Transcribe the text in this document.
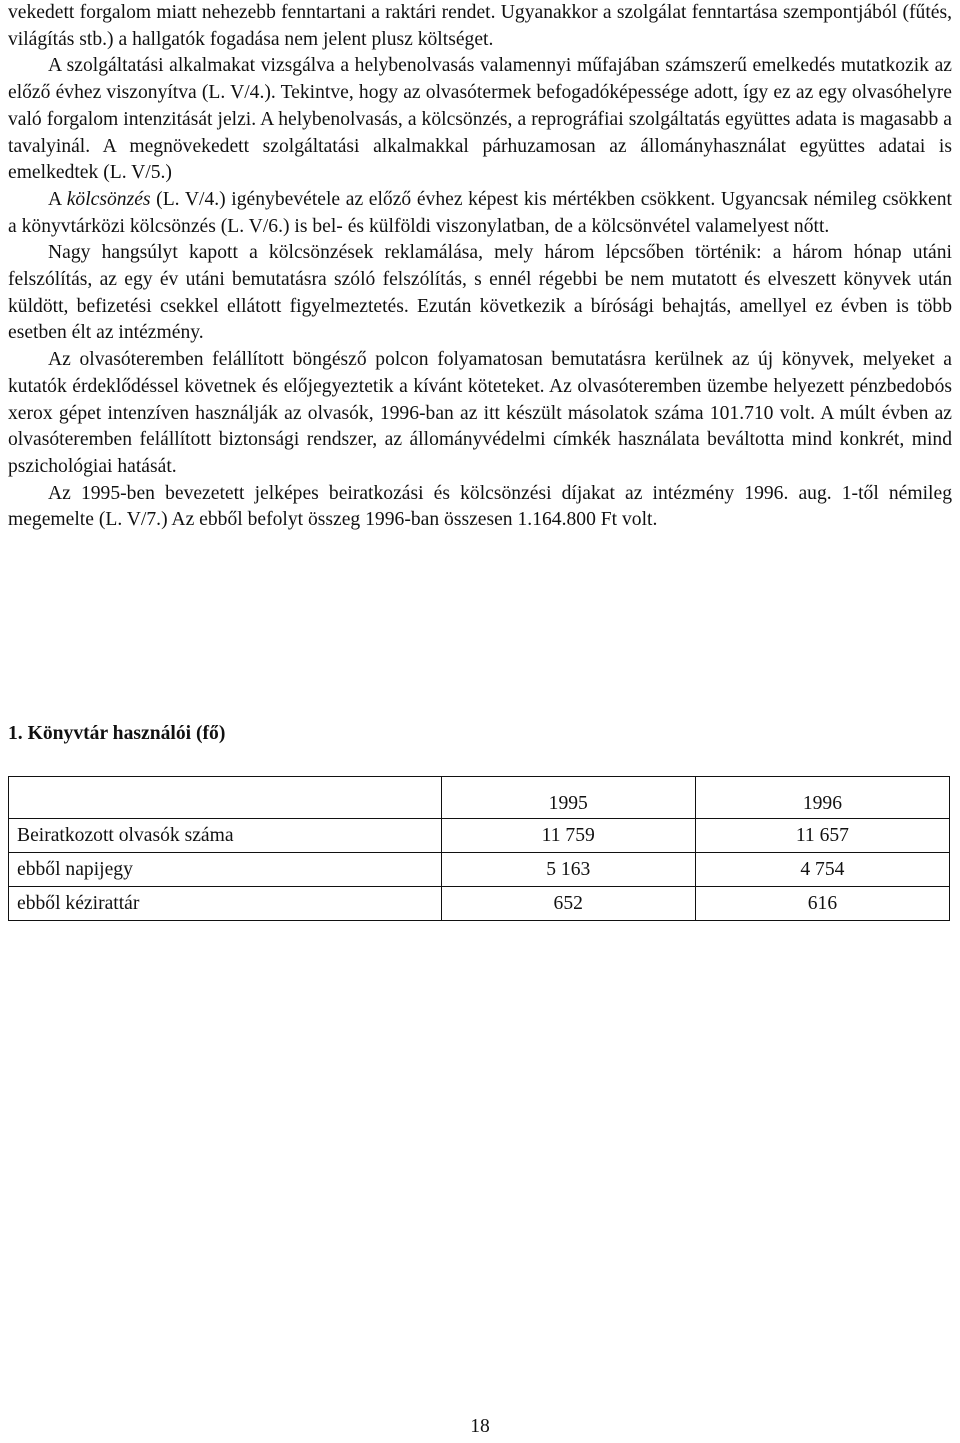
vekedett forgalom miatt nehezebb fenntartani a raktári rendet. Ugyanakkor a szolgálat fenntartása szempontjából (fűtés, világítás stb.) a hallgatók fogadása nem jelent plusz költséget.

A szolgáltatási alkalmakat vizsgálva a helybenolvasás valamennyi műfajában számszerű emelkedés mutatkozik az előző évhez viszonyítva (L. V/4.). Tekintve, hogy az olvasótermek befogadóképessége adott, így ez az egy olvasóhelyre való forgalom intenzitását jelzi. A helybenolvasás, a kölcsönzés, a reprográfiai szolgáltatás együttes adata is magasabb a tavalyinál. A megnövekedett szolgáltatási alkalmakkal párhuzamosan az állományhasználat együttes adatai is emelkedtek (L. V/5.)

A kölcsönzés (L. V/4.) igénybevétele az előző évhez képest kis mértékben csökkent. Ugyancsak némileg csökkent a könyvtárközi kölcsönzés (L. V/6.) is bel- és külföldi viszonylatban, de a kölcsönvétel valamelyest nőtt.

Nagy hangsúlyt kapott a kölcsönzések reklamálása, mely három lépcsőben történik: a három hónap utáni felszólítás, az egy év utáni bemutatásra szóló felszólítás, s ennél régebbi be nem mutatott és elveszett könyvek után küldött, befizetési csekkel ellátott figyelmeztetés. Ezután következik a bírósági behajtás, amellyel ez évben is több esetben élt az intézmény.

Az olvasóteremben felállított böngésző polcon folyamatosan bemutatásra kerülnek az új könyvek, melyeket a kutatók érdeklődéssel követnek és előjegyeztetik a kívánt köteteket. Az olvasóteremben üzembe helyezett pénzbedobós xerox gépet intenzíven használják az olvasók, 1996-ban az itt készült másolatok száma 101.710 volt. A múlt évben az olvasóteremben felállított biztonsági rendszer, az állományvédelmi címkék használata beváltotta mind konkrét, mind pszichológiai hatását.

Az 1995-ben bevezetett jelképes beiratkozási és kölcsönzési díjakat az intézmény 1996. aug. 1-től némileg megemelte (L. V/7.) Az ebből befolyt összeg 1996-ban összesen 1.164.800 Ft volt.

1. Könyvtár használói (fő)
	1995	1996
Beiratkozott olvasók száma	11 759	11 657
ebből napijegy	5 163	4 754
ebből kézirattár	652	616

18
